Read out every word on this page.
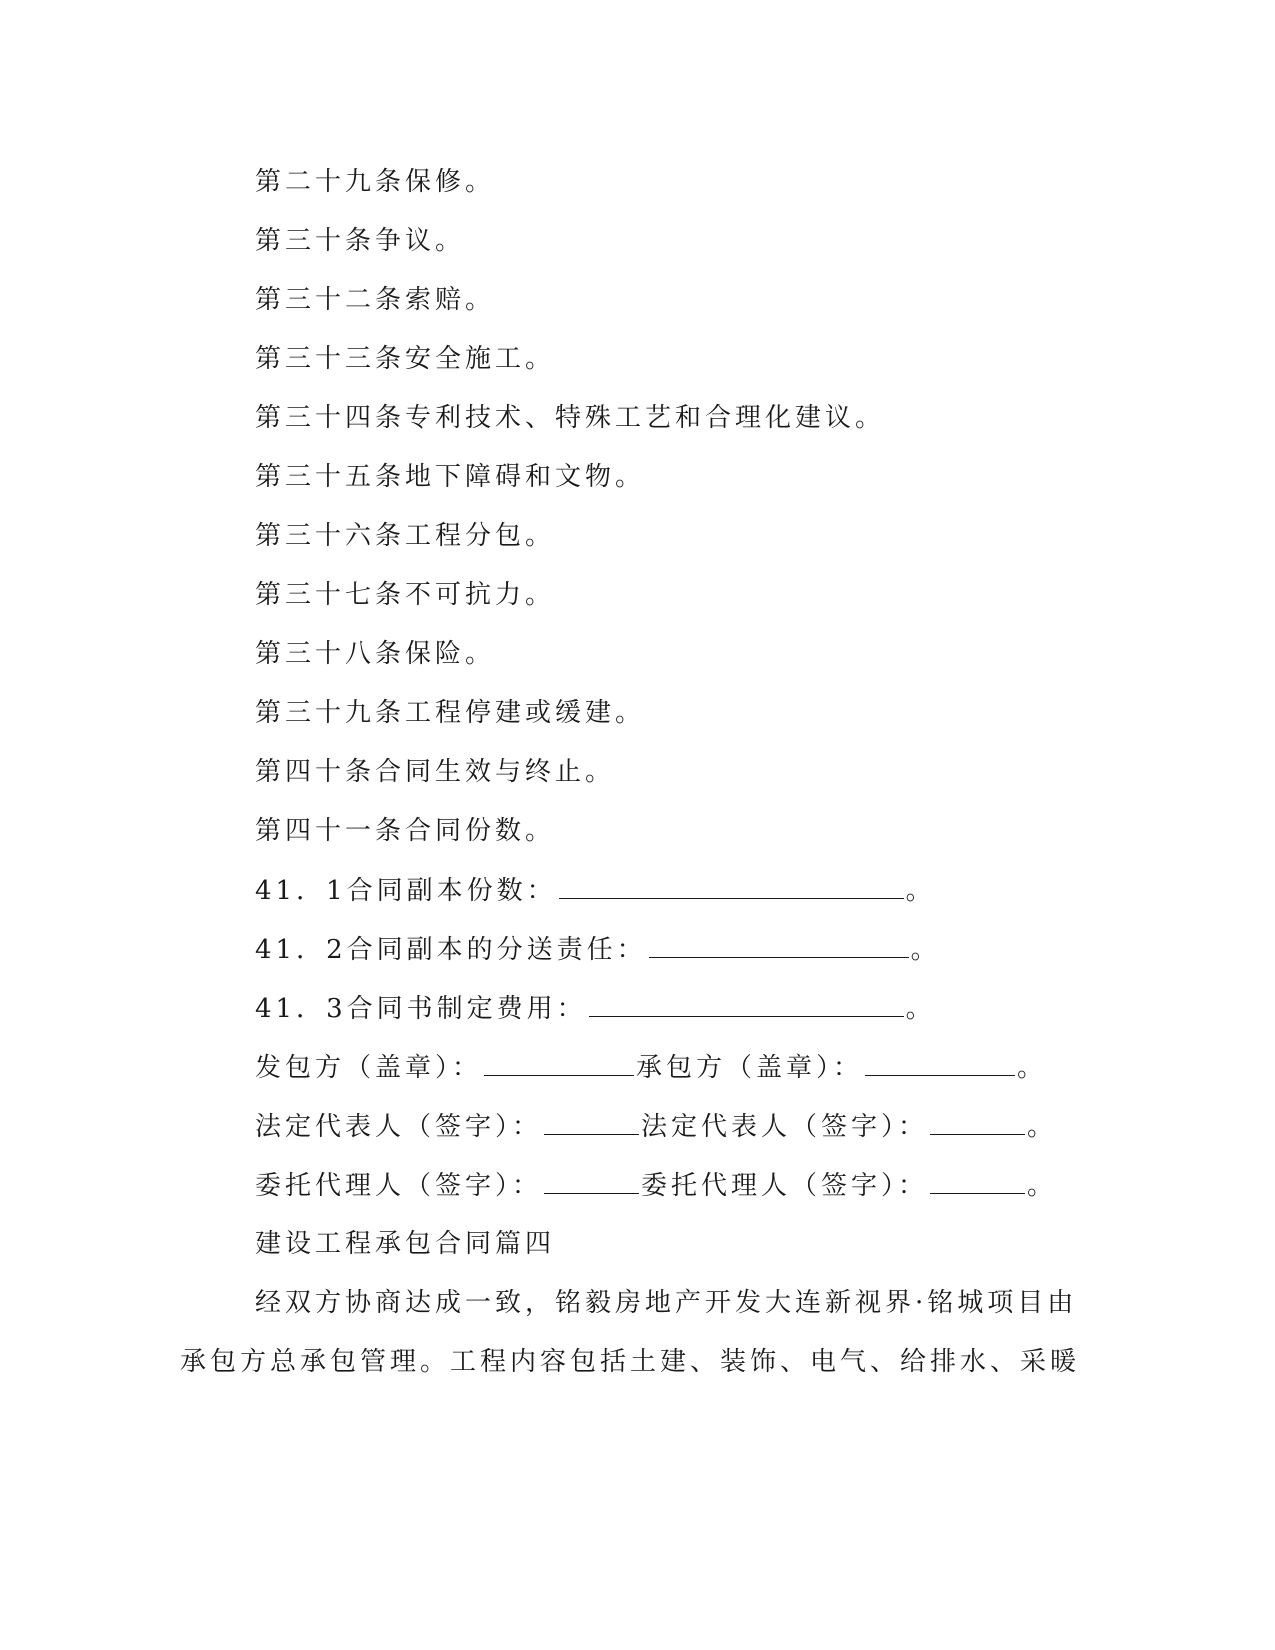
第二十九条保修。
第三十条争议。
第三十二条索赔。
第三十三条安全施工。
第三十四条专利技术、特殊工艺和合理化建议。
第三十五条地下障碍和文物。
第三十六条工程分包。
第三十七条不可抗力。
第三十八条保险。
第三十九条工程停建或缓建。
第四十条合同生效与终止。
第四十一条合同份数。
41．1合同副本份数：	。
41．2合同副本的分送责任：	。
41．3合同书制定费用：	。
发包方（盖章）：	承包方（盖章）：	。
法定代表人（签字）：	法定代表人（签字）：	。
委托代理人（签字）：	委托代理人（签字）：	。
建设工程承包合同篇四
经双方协商达成一致，铭毅房地产开发大连新视界·铭城项目由
承包方总承包管理。工程内容包括土建、装饰、电气、给排水、采暖
